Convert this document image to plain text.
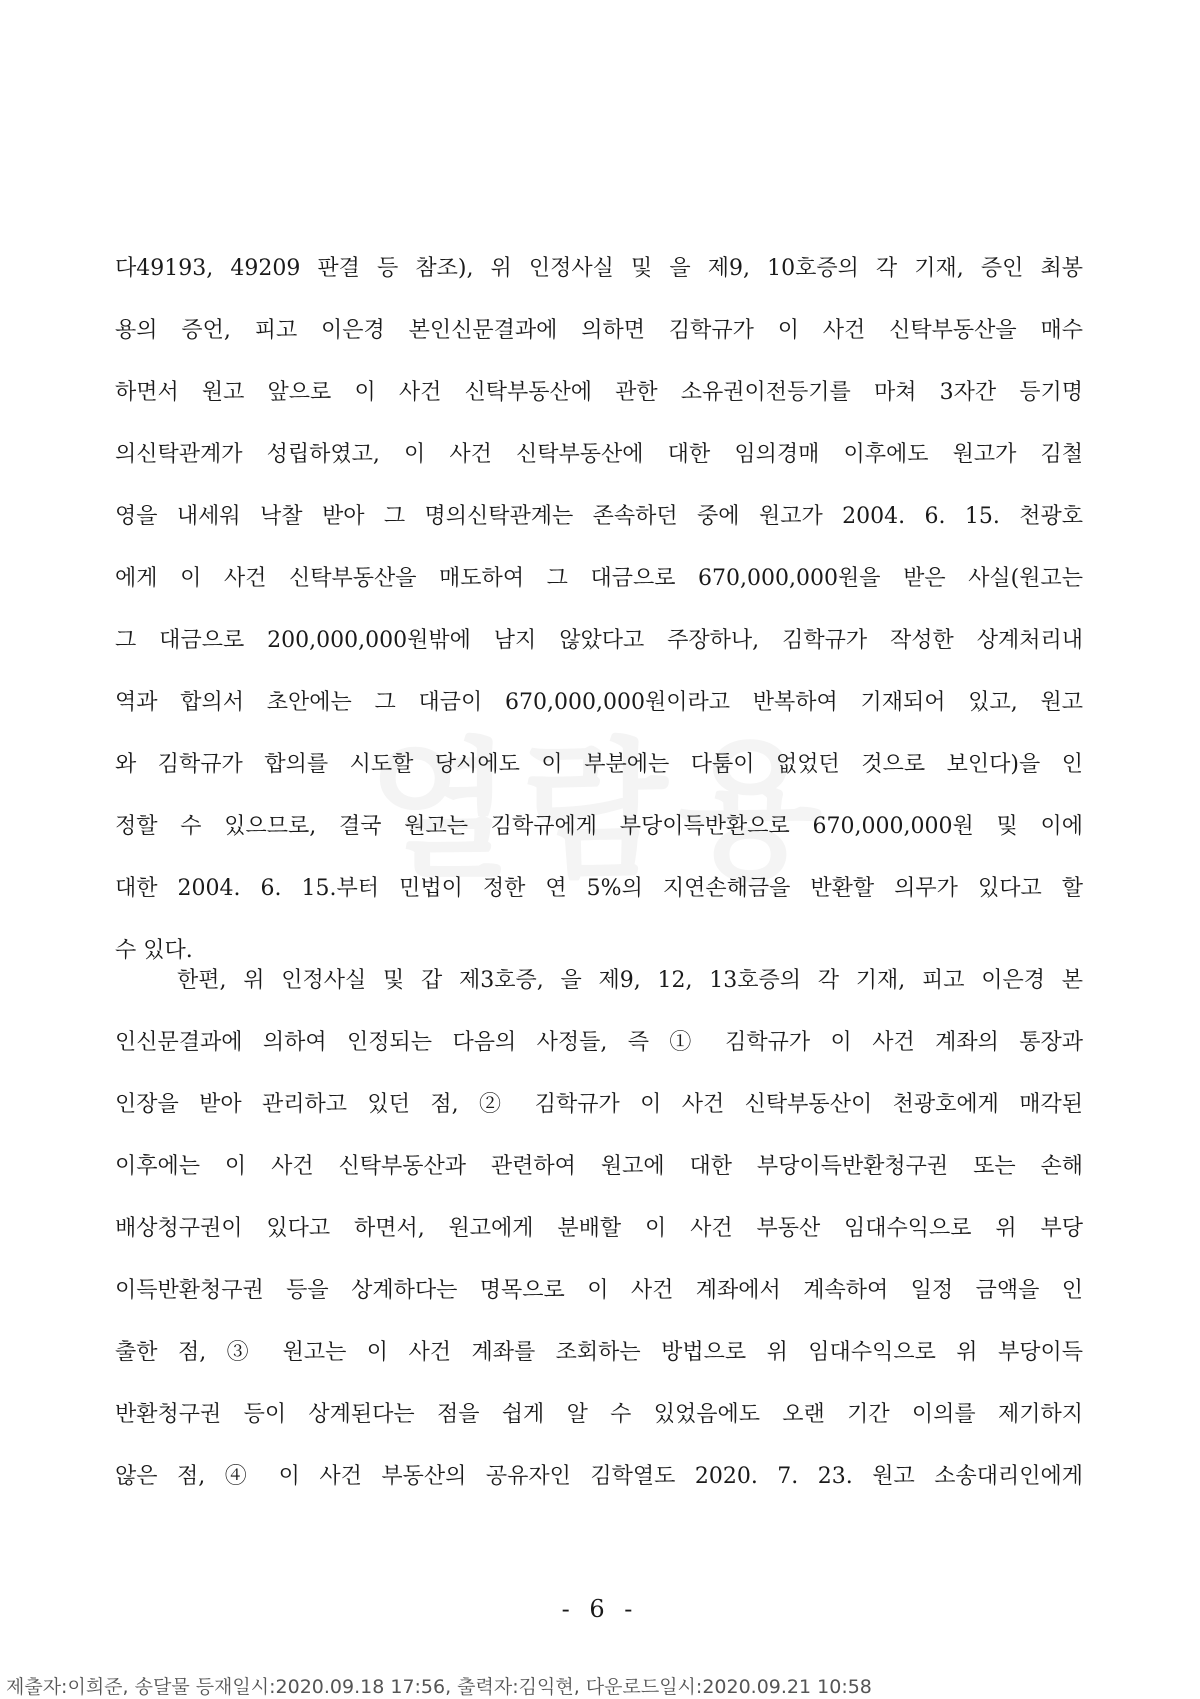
다49193, 49209 판결 등 참조), 위 인정사실 및 을 제9, 10호증의 각 기재, 증인 최봉
용의 증언, 피고 이은경 본인신문결과에 의하면 김학규가 이 사건 신탁부동산을 매수
하면서 원고 앞으로 이 사건 신탁부동산에 관한 소유권이전등기를 마쳐 3자간 등기명
의신탁관계가 성립하였고, 이 사건 신탁부동산에 대한 임의경매 이후에도 원고가 김철
영을 내세워 낙찰 받아 그 명의신탁관계는 존속하던 중에 원고가 2004. 6. 15. 천광호
에게 이 사건 신탁부동산을 매도하여 그 대금으로 670,000,000원을 받은 사실(원고는
그 대금으로 200,000,000원밖에 남지 않았다고 주장하나, 김학규가 작성한 상계처리내
역과 합의서 초안에는 그 대금이 670,000,000원이라고 반복하여 기재되어 있고, 원고
와 김학규가 합의를 시도할 당시에도 이 부분에는 다툼이 없었던 것으로 보인다)을 인
정할 수 있으므로, 결국 원고는 김학규에게 부당이득반환으로 670,000,000원 및 이에
대한 2004. 6. 15.부터 민법이 정한 연 5%의 지연손해금을 반환할 의무가 있다고 할
수 있다.
한편, 위 인정사실 및 갑 제3호증, 을 제9, 12, 13호증의 각 기재, 피고 이은경 본
인신문결과에 의하여 인정되는 다음의 사정들, 즉 ① 김학규가 이 사건 계좌의 통장과
인장을 받아 관리하고 있던 점, ② 김학규가 이 사건 신탁부동산이 천광호에게 매각된
이후에는 이 사건 신탁부동산과 관련하여 원고에 대한 부당이득반환청구권 또는 손해
배상청구권이 있다고 하면서, 원고에게 분배할 이 사건 부동산 임대수익으로 위 부당
이득반환청구권 등을 상계하다는 명목으로 이 사건 계좌에서 계속하여 일정 금액을 인
출한 점, ③ 원고는 이 사건 계좌를 조회하는 방법으로 위 임대수익으로 위 부당이득
반환청구권 등이 상계된다는 점을 쉽게 알 수 있었음에도 오랜 기간 이의를 제기하지
않은 점, ④ 이 사건 부동산의 공유자인 김학열도 2020. 7. 23. 원고 소송대리인에게
- 6 -
제출자:이희준, 송달물 등재일시:2020.09.18 17:56, 출력자:김익현, 다운로드일시:2020.09.21 10:58
